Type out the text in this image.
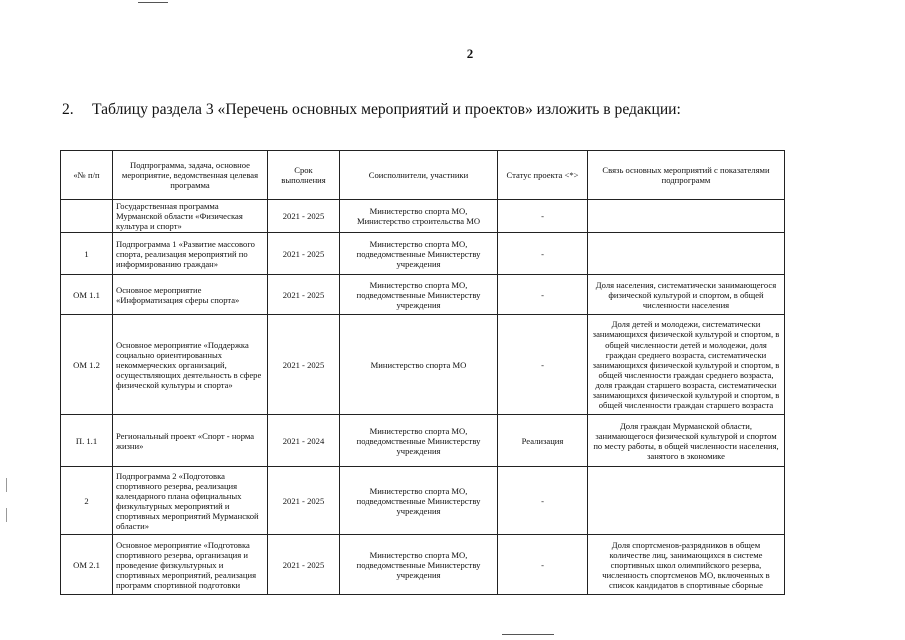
2
2. Таблицу раздела 3 «Перечень основных мероприятий и проектов» изложить в редакции:
«№ п/п	Подпрограмма, задача, основное мероприятие, ведомственная целевая программа	Срок выполнения	Соисполнители, участники	Статус проекта <*>	Связь основных мероприятий с показателями подпрограмм
	Государственная программа Мурманской области «Физическая культура и спорт»	2021 - 2025	Министерство спорта МО, Министерство строительства МО	-	
1	Подпрограмма 1 «Развитие массового спорта, реализация мероприятий по информированию граждан»	2021 - 2025	Министерство спорта МО, подведомственные Министерству учреждения	-	
ОМ 1.1	Основное мероприятие «Информатизация сферы спорта»	2021 - 2025	Министерство спорта МО, подведомственные Министерству учреждения	-	Доля населения, систематически занимающегося физической культурой и спортом, в общей численности населения
ОМ 1.2	Основное мероприятие «Поддержка социально ориентированных некоммерческих организаций, осуществляющих деятельность в сфере физической культуры и спорта»	2021 - 2025	Министерство спорта МО	-	Доля детей и молодежи, систематически занимающихся физической культурой и спортом, в общей численности детей и молодежи, доля граждан среднего возраста, систематически занимающихся физической культурой и спортом, в общей численности граждан среднего возраста, доля граждан старшего возраста, систематически занимающихся физической культурой и спортом, в общей численности граждан старшего возраста
П. 1.1	Региональный проект «Спорт - норма жизни»	2021 - 2024	Министерство спорта МО, подведомственные Министерству учреждения	Реализация	Доля граждан Мурманской области, занимающегося физической культурой и спортом по месту работы, в общей численности населения, занятого в экономике
2	Подпрограмма 2 «Подготовка спортивного резерва, реализация календарного плана официальных физкультурных мероприятий и спортивных мероприятий Мурманской области»	2021 - 2025	Министерство спорта МО, подведомственные Министерству учреждения	-	
ОМ 2.1	Основное мероприятие «Подготовка спортивного резерва, организация и проведение физкультурных и спортивных мероприятий, реализация программ спортивной подготовки	2021 - 2025	Министерство спорта МО, подведомственные Министерству учреждения	-	Доля спортсменов-разрядников в общем количестве лиц, занимающихся в системе спортивных школ олимпийского резерва, численность спортсменов МО, включенных в список кандидатов в спортивные сборные
